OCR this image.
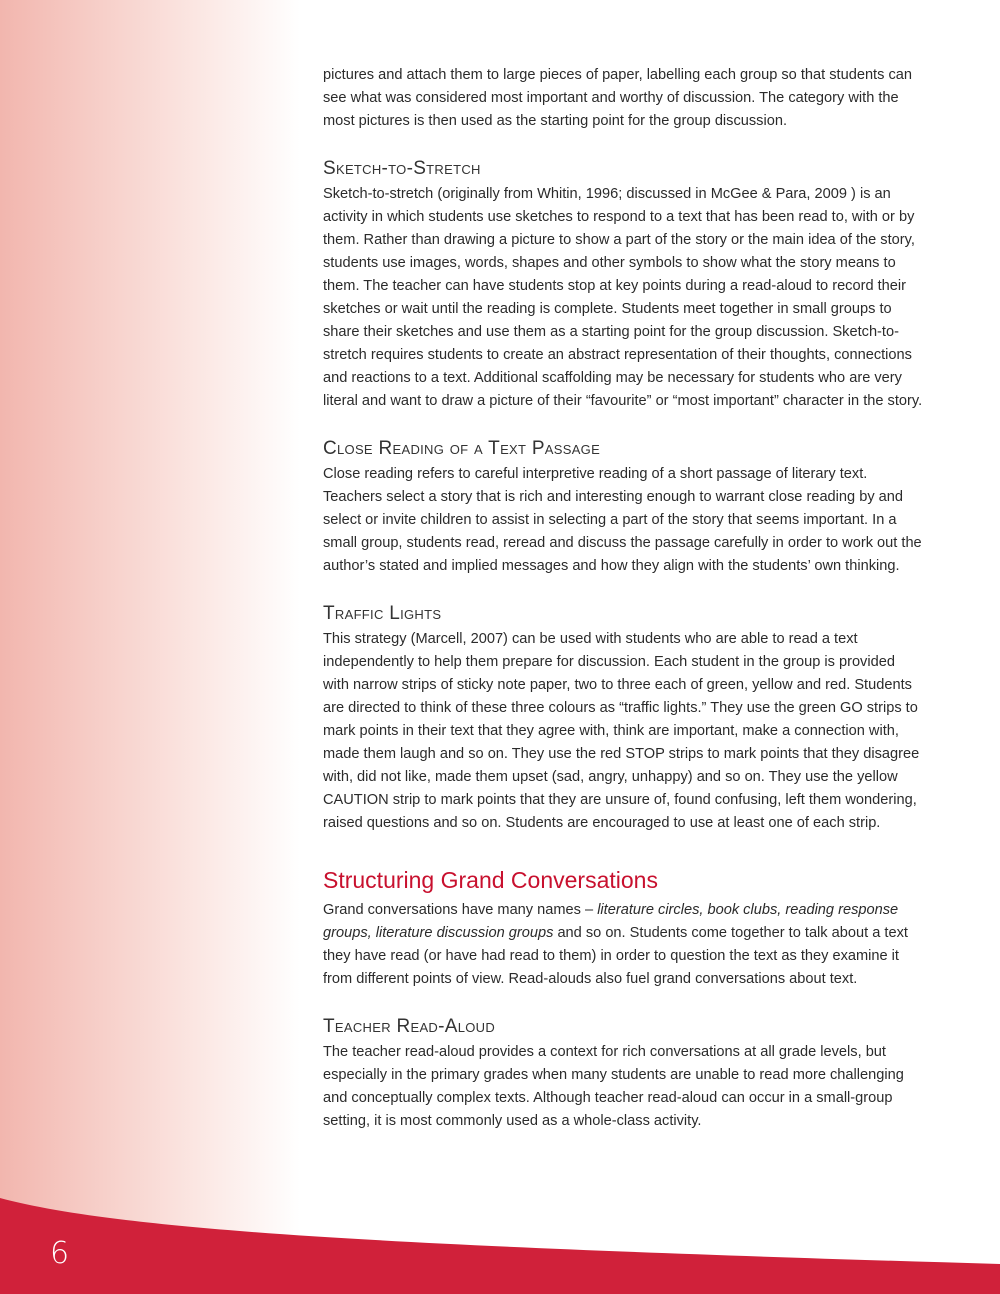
6

pictures and attach them to large pieces of paper, labelling each group so that students can see what was considered most important and worthy of discussion. The category with the most pictures is then used as the starting point for the group discussion.

Sketch-to-Stretch

Sketch-to-stretch (originally from Whitin, 1996; discussed in McGee & Para, 2009 ) is an activity in which students use sketches to respond to a text that has been read to, with or by them. Rather than drawing a picture to show a part of the story or the main idea of the story, students use images, words, shapes and other symbols to show what the story means to them. The teacher can have students stop at key points during a read-aloud to record their sketches or wait until the reading is complete. Students meet together in small groups to share their sketches and use them as a starting point for the group discussion. Sketch-to-stretch requires students to create an abstract representation of their thoughts, connections and reactions to a text. Additional scaffolding may be necessary for students who are very literal and want to draw a picture of their “favourite” or “most important” character in the story.

Close Reading of a Text Passage

Close reading refers to careful interpretive reading of a short passage of literary text. Teachers select a story that is rich and interesting enough to warrant close reading by and select or invite children to assist in selecting a part of the story that seems important. In a small group, students read, reread and discuss the passage carefully in order to work out the author’s stated and implied messages and how they align with the students’ own thinking.

Traffic Lights

This strategy (Marcell, 2007) can be used with students who are able to read a text independently to help them prepare for discussion. Each student in the group is provided with narrow strips of sticky note paper, two to three each of green, yellow and red. Students are directed to think of these three colours as “traffic lights.” They use the green GO strips to mark points in their text that they agree with, think are important, make a connection with, made them laugh and so on. They use the red STOP strips to mark points that they disagree with, did not like, made them upset (sad, angry, unhappy) and so on. They use the yellow CAUTION strip to mark points that they are unsure of, found confusing, left them wondering, raised questions and so on. Students are encouraged to use at least one of each strip.

Structuring Grand Conversations

Grand conversations have many names – literature circles, book clubs, reading response groups, literature discussion groups and so on. Students come together to talk about a text they have read (or have had read to them) in order to question the text as they examine it from different points of view. Read-alouds also fuel grand conversations about text.

Teacher Read-Aloud

The teacher read-aloud provides a context for rich conversations at all grade levels, but especially in the primary grades when many students are unable to read more challenging and conceptually complex texts. Although teacher read-aloud can occur in a small-group setting, it is most commonly used as a whole-class activity.
